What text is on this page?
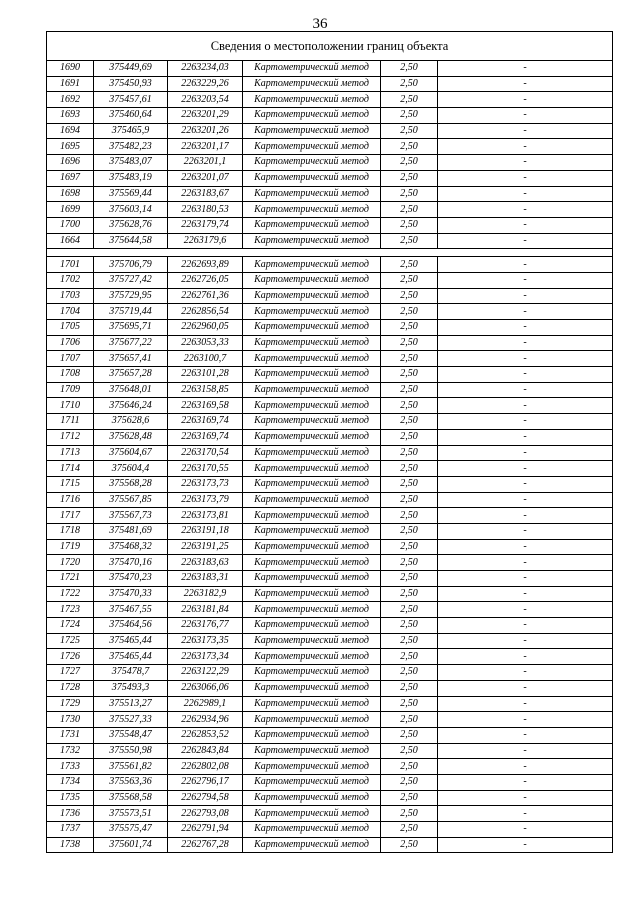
36
Сведения о местоположении границ объекта					
1690	375449,69	2263234,03	Картометрический метод	2,50	-
1691	375450,93	2263229,26	Картометрический метод	2,50	-
1692	375457,61	2263203,54	Картометрический метод	2,50	-
1693	375460,64	2263201,29	Картометрический метод	2,50	-
1694	375465,9	2263201,26	Картометрический метод	2,50	-
1695	375482,23	2263201,17	Картометрический метод	2,50	-
1696	375483,07	2263201,1	Картометрический метод	2,50	-
1697	375483,19	2263201,07	Картометрический метод	2,50	-
1698	375569,44	2263183,67	Картометрический метод	2,50	-
1699	375603,14	2263180,53	Картометрический метод	2,50	-
1700	375628,76	2263179,74	Картометрический метод	2,50	-
1664	375644,58	2263179,6	Картометрический метод	2,50	-

1701	375706,79	2262693,89	Картометрический метод	2,50	-
1702	375727,42	2262726,05	Картометрический метод	2,50	-
1703	375729,95	2262761,36	Картометрический метод	2,50	-
1704	375719,44	2262856,54	Картометрический метод	2,50	-
1705	375695,71	2262960,05	Картометрический метод	2,50	-
1706	375677,22	2263053,33	Картометрический метод	2,50	-
1707	375657,41	2263100,7	Картометрический метод	2,50	-
1708	375657,28	2263101,28	Картометрический метод	2,50	-
1709	375648,01	2263158,85	Картометрический метод	2,50	-
1710	375646,24	2263169,58	Картометрический метод	2,50	-
1711	375628,6	2263169,74	Картометрический метод	2,50	-
1712	375628,48	2263169,74	Картометрический метод	2,50	-
1713	375604,67	2263170,54	Картометрический метод	2,50	-
1714	375604,4	2263170,55	Картометрический метод	2,50	-
1715	375568,28	2263173,73	Картометрический метод	2,50	-
1716	375567,85	2263173,79	Картометрический метод	2,50	-
1717	375567,73	2263173,81	Картометрический метод	2,50	-
1718	375481,69	2263191,18	Картометрический метод	2,50	-
1719	375468,32	2263191,25	Картометрический метод	2,50	-
1720	375470,16	2263183,63	Картометрический метод	2,50	-
1721	375470,23	2263183,31	Картометрический метод	2,50	-
1722	375470,33	2263182,9	Картометрический метод	2,50	-
1723	375467,55	2263181,84	Картометрический метод	2,50	-
1724	375464,56	2263176,77	Картометрический метод	2,50	-
1725	375465,44	2263173,35	Картометрический метод	2,50	-
1726	375465,44	2263173,34	Картометрический метод	2,50	-
1727	375478,7	2263122,29	Картометрический метод	2,50	-
1728	375493,3	2263066,06	Картометрический метод	2,50	-
1729	375513,27	2262989,1	Картометрический метод	2,50	-
1730	375527,33	2262934,96	Картометрический метод	2,50	-
1731	375548,47	2262853,52	Картометрический метод	2,50	-
1732	375550,98	2262843,84	Картометрический метод	2,50	-
1733	375561,82	2262802,08	Картометрический метод	2,50	-
1734	375563,36	2262796,17	Картометрический метод	2,50	-
1735	375568,58	2262794,58	Картометрический метод	2,50	-
1736	375573,51	2262793,08	Картометрический метод	2,50	-
1737	375575,47	2262791,94	Картометрический метод	2,50	-
1738	375601,74	2262767,28	Картометрический метод	2,50	-
